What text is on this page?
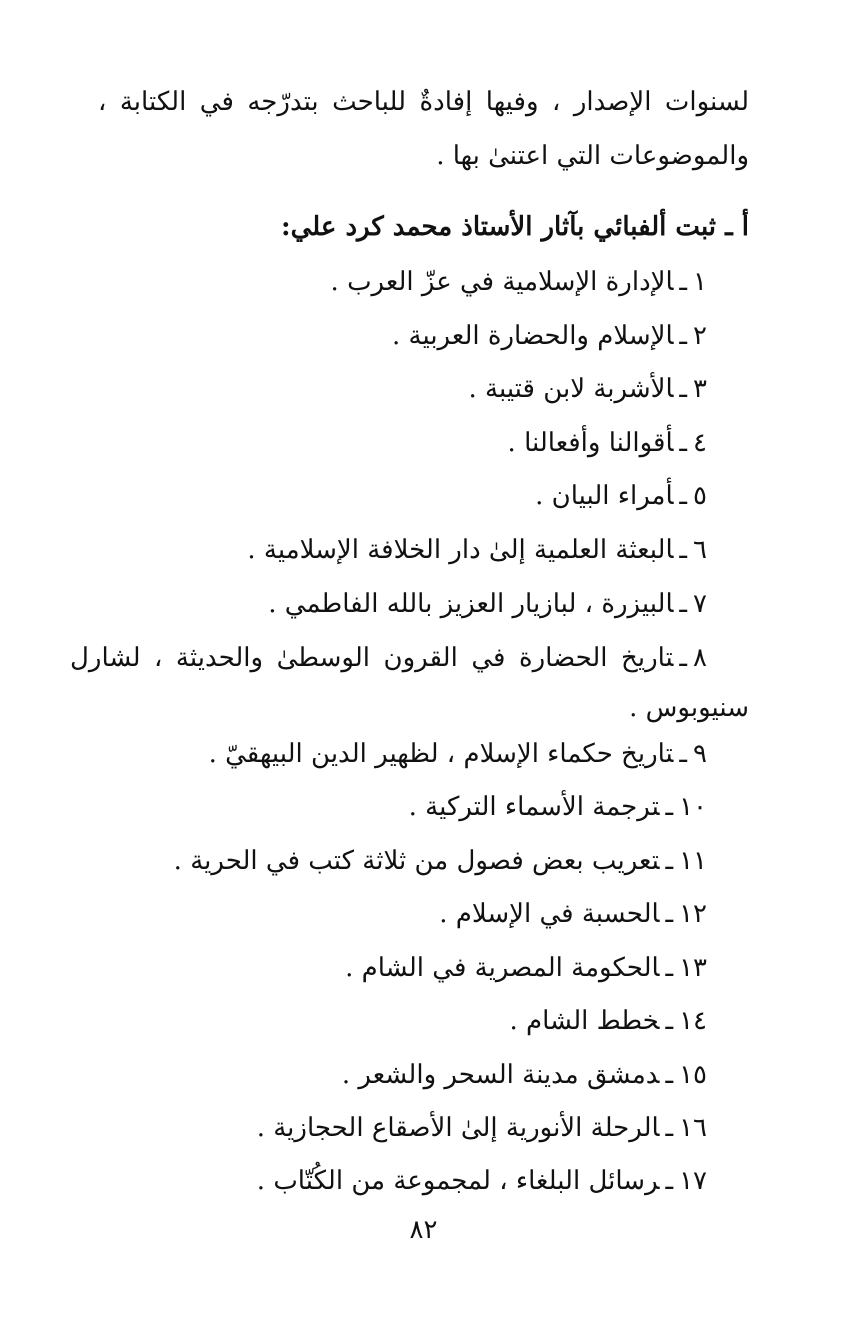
لسنوات الإصدار ، وفيها إفادةٌ للباحث بتدرّجه في الكتابة ،
والموضوعات التي اعتنىٰ بها .
أ ـ ثبت ألفبائي بآثار الأستاذ محمد كرد علي:
١ـالإدارة الإسلامية في عزّ العرب .
٢ـالإسلام والحضارة العربية .
٣ـالأشربة لابن قتيبة .
٤ـأقوالنا وأفعالنا .
٥ـأمراء البيان .
٦ـالبعثة العلمية إلىٰ دار الخلافة الإسلامية .
٧ـالبيزرة ، لبازيار العزيز بالله الفاطمي .
٨ـتاريخ الحضارة في القرون الوسطىٰ والحديثة ، لشارل
سنيوبوس .
٩ـتاريخ حكماء الإسلام ، لظهير الدين البيهقيّ .
١٠ـترجمة الأسماء التركية .
١١ـتعريب بعض فصول من ثلاثة كتب في الحرية .
١٢ـالحسبة في الإسلام .
١٣ـالحكومة المصرية في الشام .
١٤ـخطط الشام .
١٥ـدمشق مدينة السحر والشعر .
١٦ـالرحلة الأنورية إلىٰ الأصقاع الحجازية .
١٧ـرسائل البلغاء ، لمجموعة من الكُتّاب .
٨٢
